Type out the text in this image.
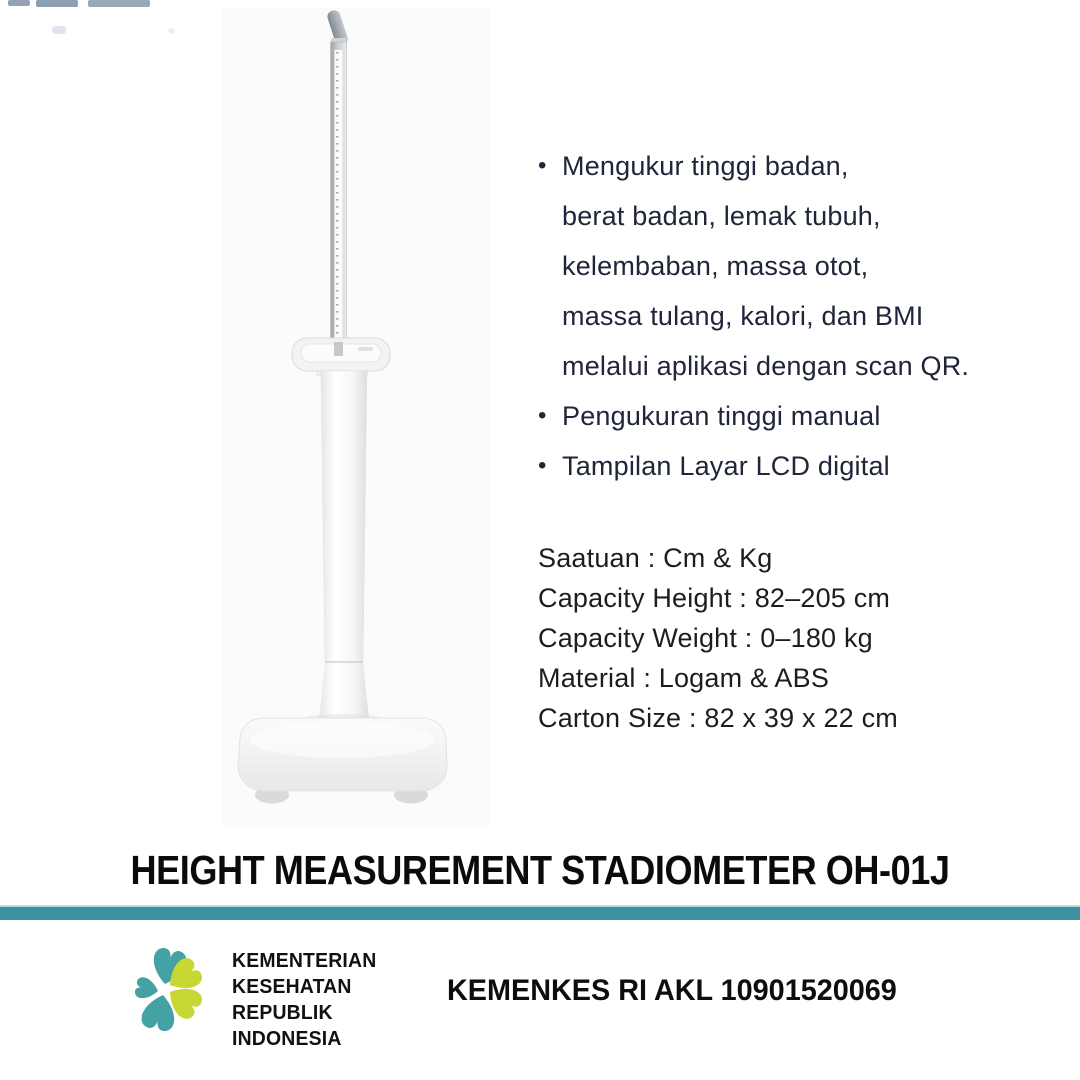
• Mengukur tinggi badan,
berat badan, lemak tubuh,
kelembaban, massa otot,
massa tulang, kalori, dan BMI
melalui aplikasi dengan scan QR.
• Pengukuran tinggi manual
• Tampilan Layar LCD digital
Saatuan : Cm & Kg
Capacity Height : 82–205 cm
Capacity Weight : 0–180 kg
Material : Logam & ABS
Carton Size : 82 x 39 x 22 cm
HEIGHT MEASUREMENT STADIOMETER OH-01J
KEMENTERIAN
KESEHATAN
REPUBLIK
INDONESIA
KEMENKES RI AKL 10901520069
